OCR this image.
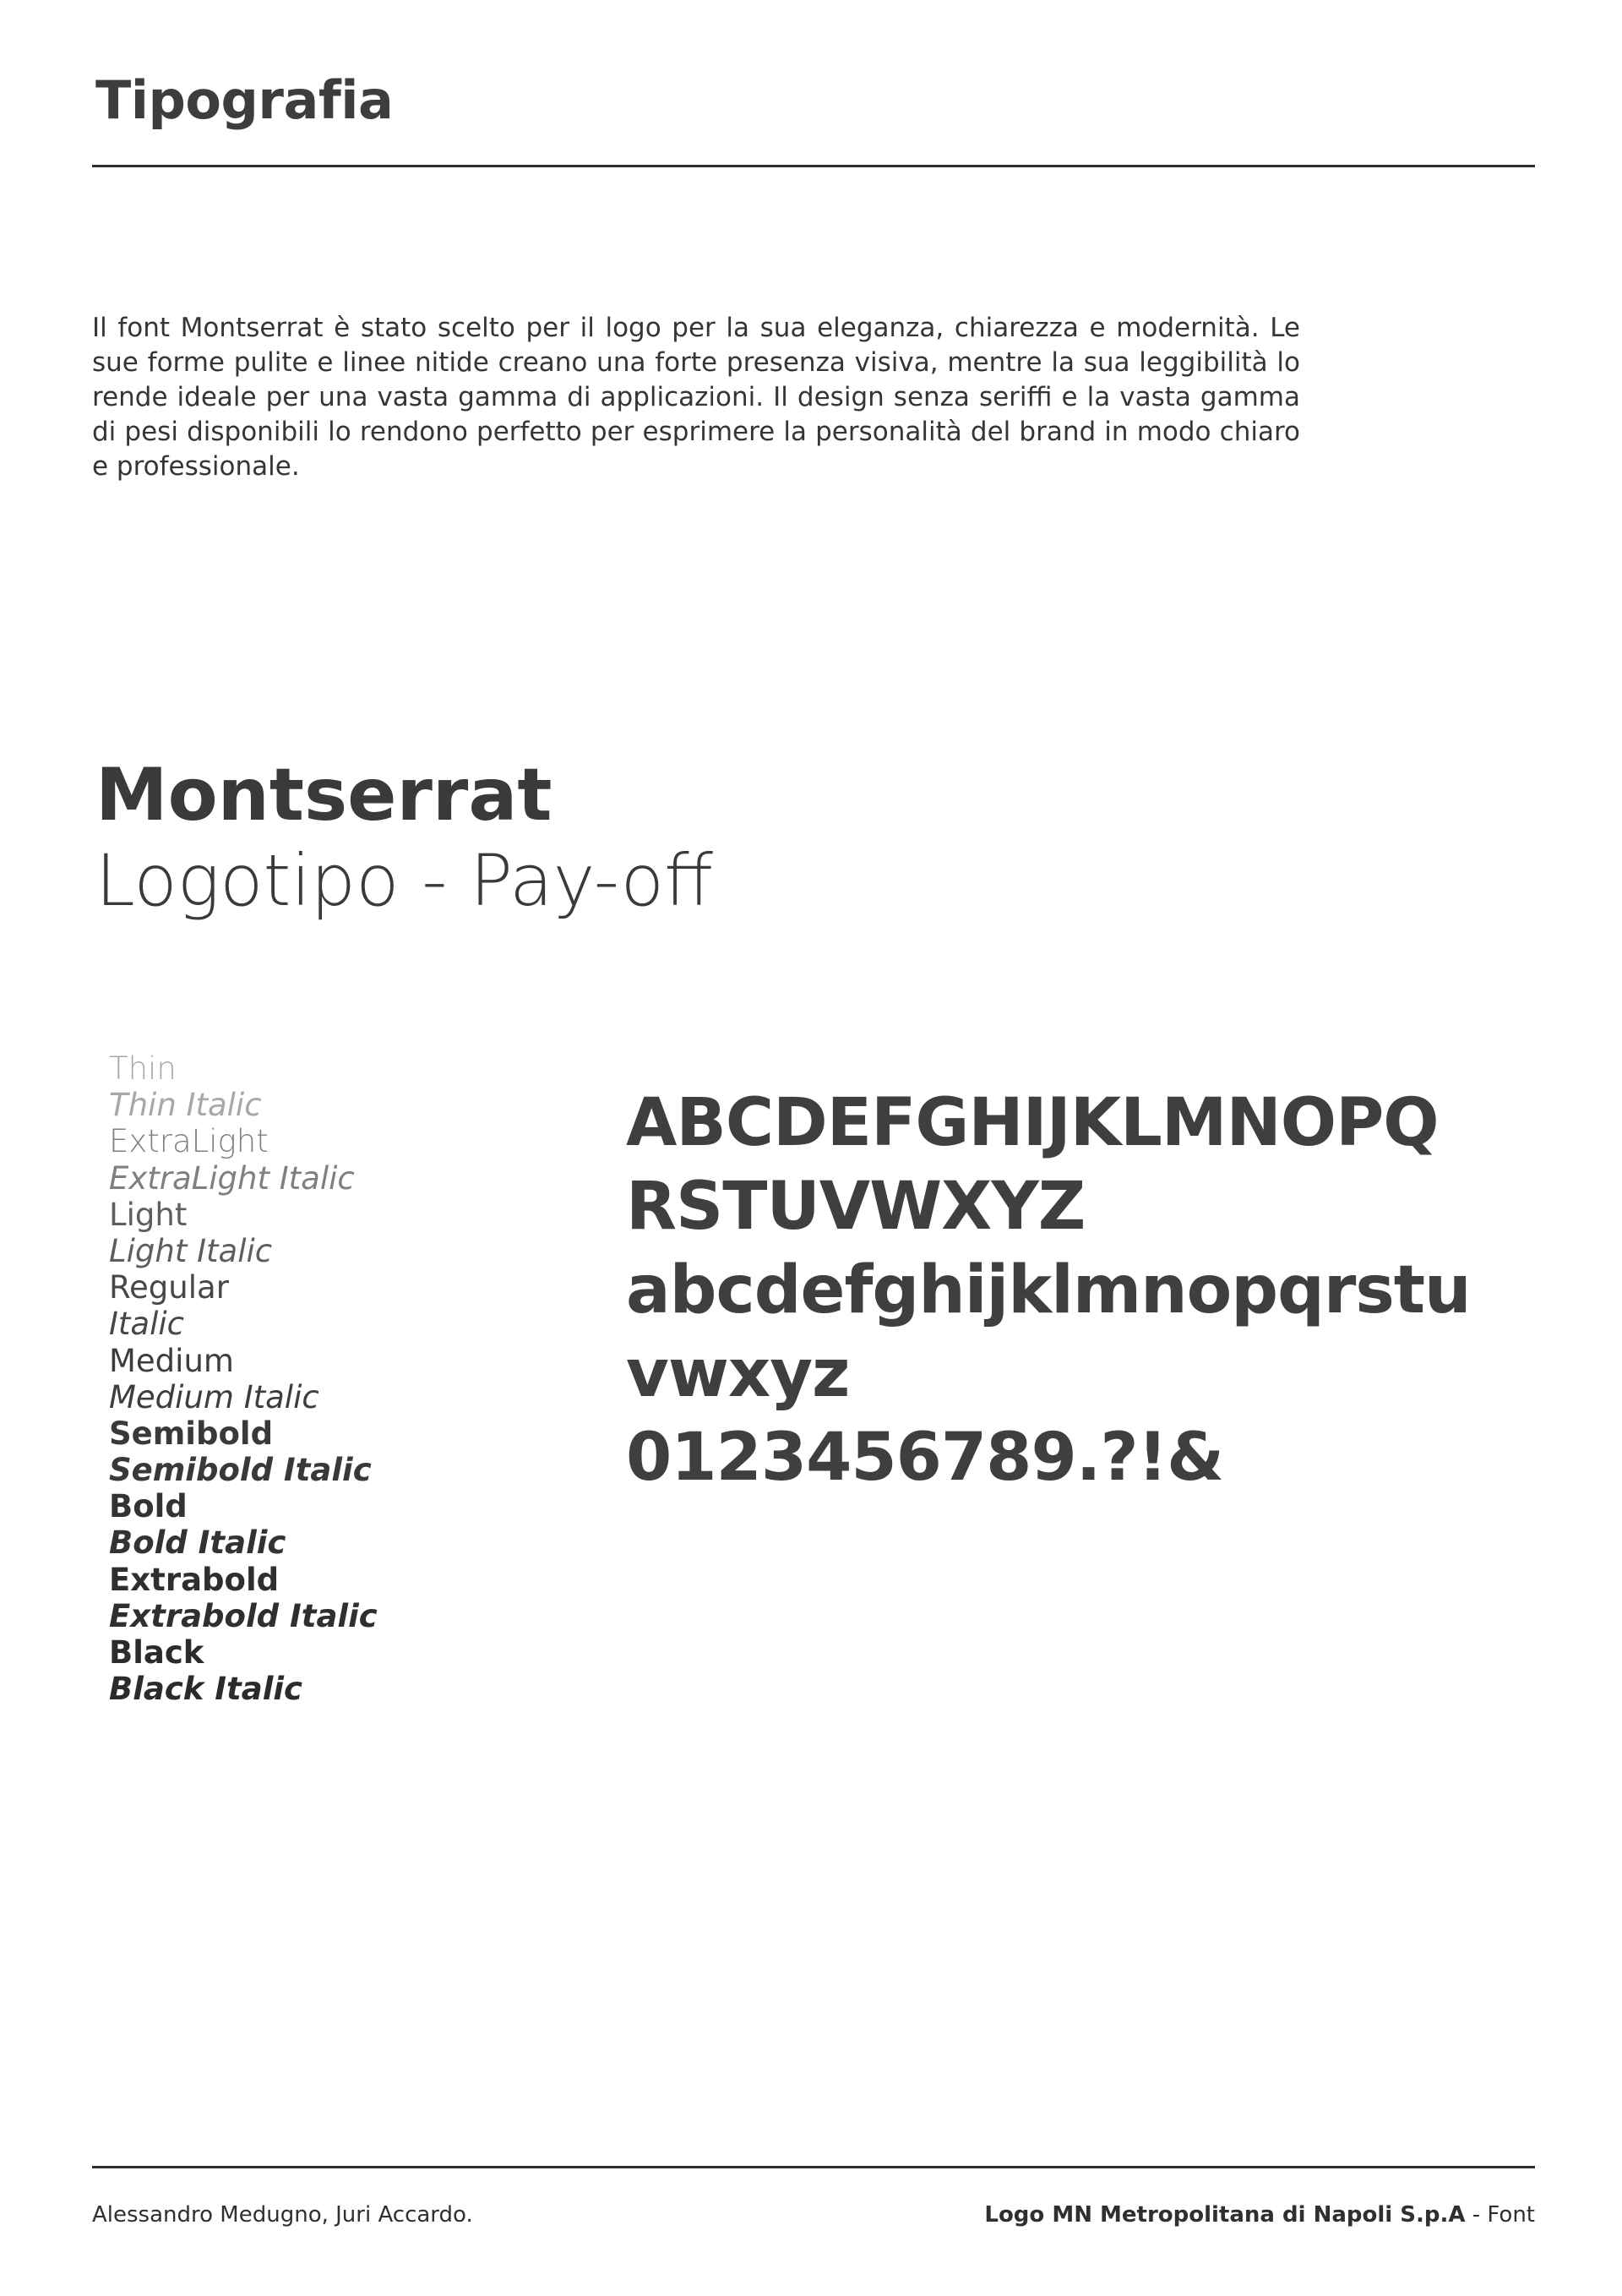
Tipografia

Il font Montserrat è stato scelto per il logo per la sua eleganza, chiarezza e modernità. Le sue forme pulite e linee nitide creano una forte presenza visiva, mentre la sua leggibilità lo rende ideale per una vasta gamma di applicazioni. Il design senza seriffi e la vasta gamma di pesi disponibili lo rendono perfetto per esprimere la personalità del brand in modo chiaro e professionale.

Montserrat
Logotipo - Pay-off
Thin
Thin Italic
ExtraLight
ExtraLight Italic
Light
Light Italic
Regular
Italic
Medium
Medium Italic
Semibold
Semibold Italic
Bold
Bold Italic
Extrabold
Extrabold Italic
Black
Black Italic
ABCDEFGHIJKLMNOPQ
RSTUVWXYZ
abcdefghijklmnopqrstu
vwxyz
0123456789.?!&
Alessandro Medugno, Juri Accardo.	Logo MN Metropolitana di Napoli S.p.A - Font
